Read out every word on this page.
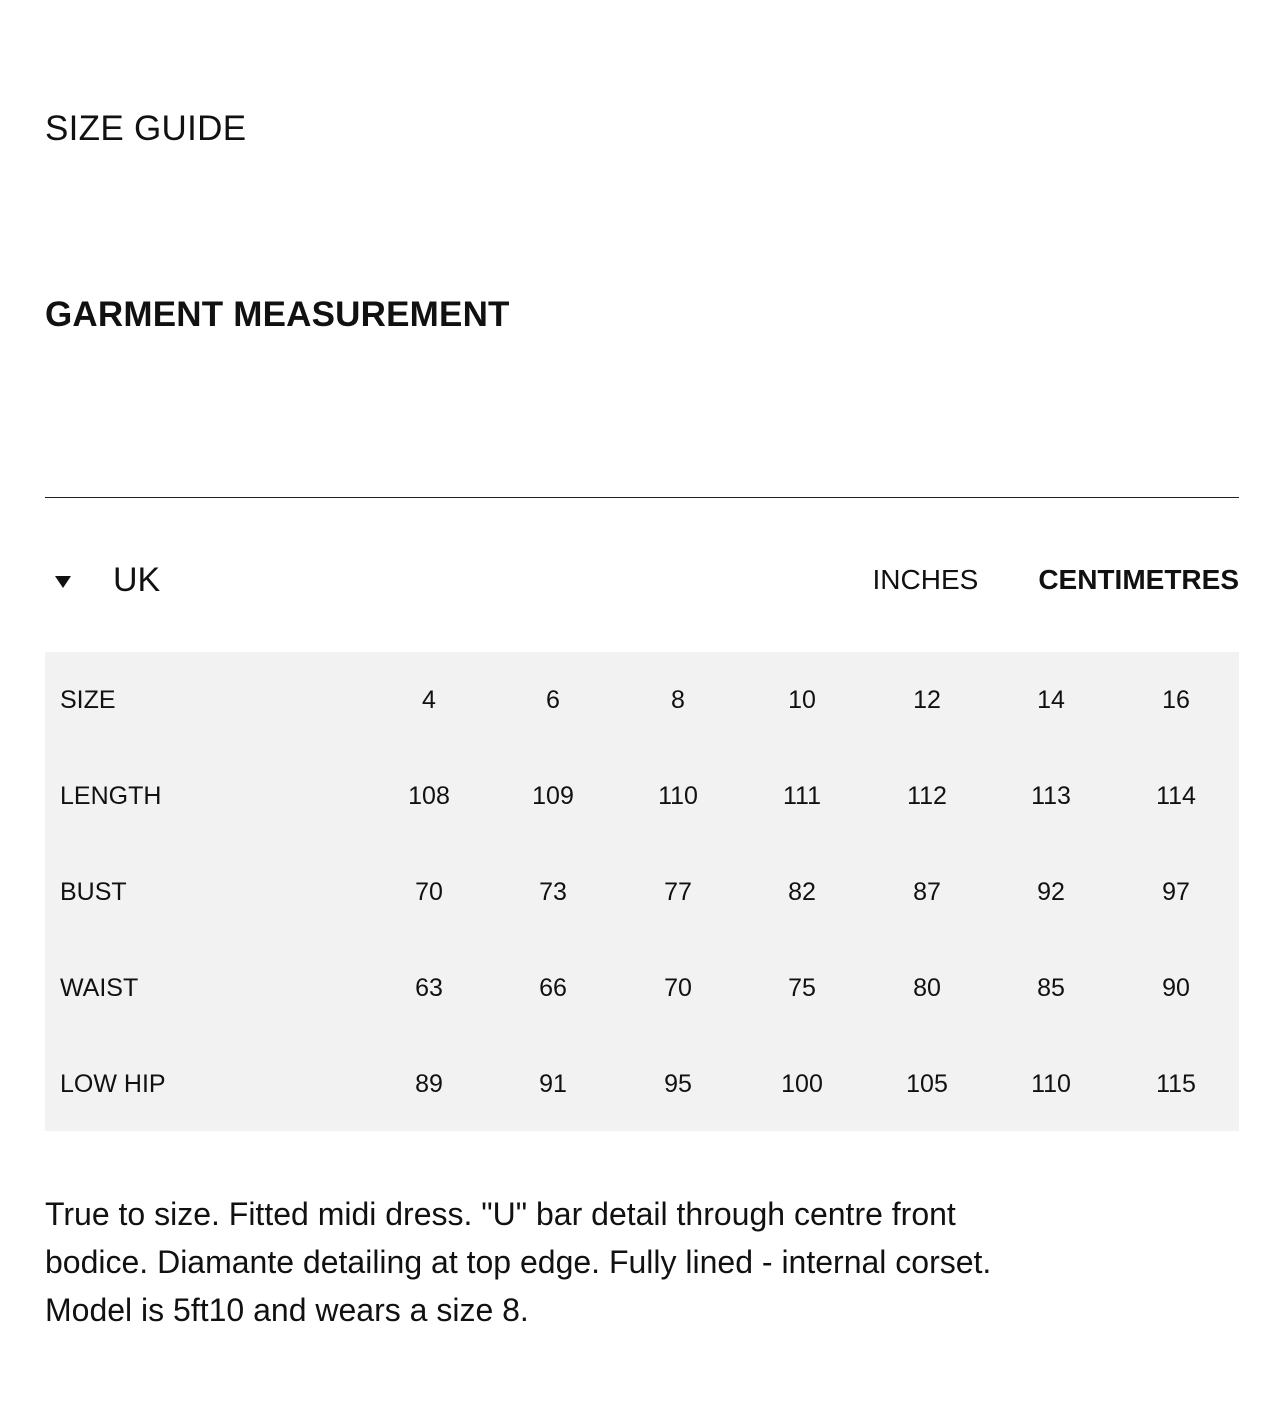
SIZE GUIDE
GARMENT MEASUREMENT
UK	INCHES CENTIMETRES
SIZE	4	6	8	10	12	14	16
LENGTH	108	109	110	111	112	113	114
BUST	70	73	77	82	87	92	97
WAIST	63	66	70	75	80	85	90
LOW HIP	89	91	95	100	105	110	115
True to size. Fitted midi dress. "U" bar detail through centre front bodice. Diamante detailing at top edge. Fully lined - internal corset. Model is 5ft10 and wears a size 8.
